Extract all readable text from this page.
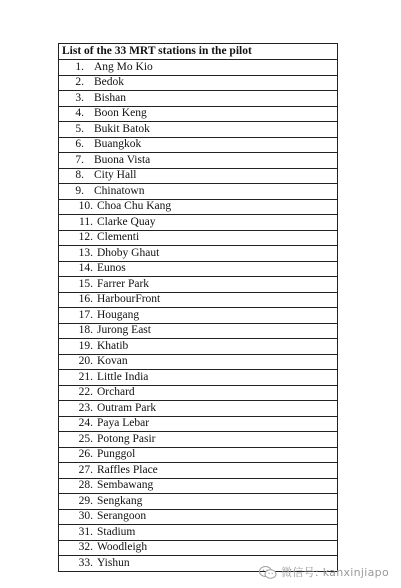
List of the 33 MRT stations in the pilot
1. Ang Mo Kio
2. Bedok
3. Bishan
4. Boon Keng
5. Bukit Batok
6. Buangkok
7. Buona Vista
8. City Hall
9. Chinatown
10. Choa Chu Kang
11. Clarke Quay
12. Clementi
13. Dhoby Ghaut
14. Eunos
15. Farrer Park
16. HarbourFront
17. Hougang
18. Jurong East
19. Khatib
20. Kovan
21. Little India
22. Orchard
23. Outram Park
24. Paya Lebar
25. Potong Pasir
26. Punggol
27. Raffles Place
28. Sembawang
29. Sengkang
30. Serangoon
31. Stadium
32. Woodleigh
33. Yishun
微信号: kanxinjiapo
